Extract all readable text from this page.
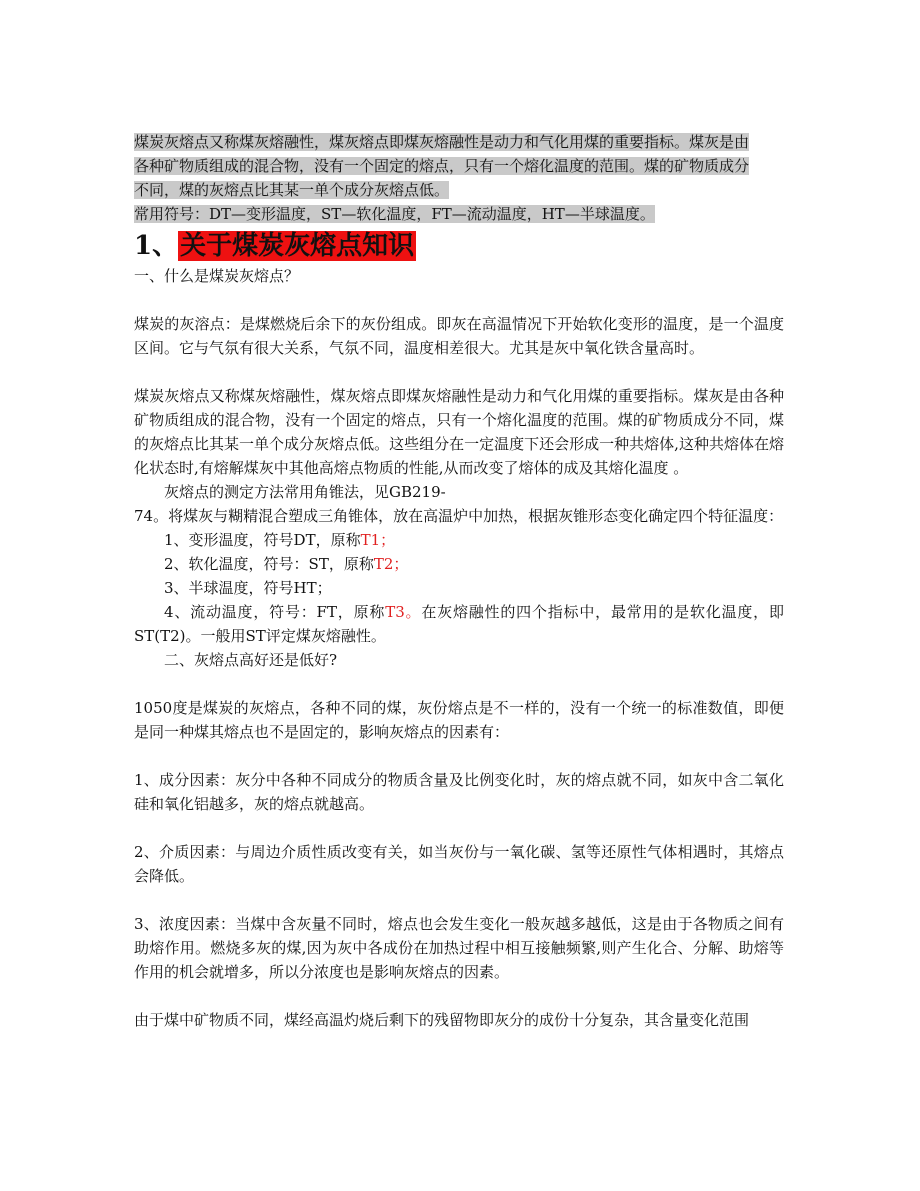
煤炭灰熔点又称煤灰熔融性，煤灰熔点即煤灰熔融性是动力和气化用煤的重要指标。煤灰是由

各种矿物质组成的混合物，没有一个固定的熔点，只有一个熔化温度的范围。煤的矿物质成分

不同，煤的灰熔点比其某一单个成分灰熔点低。

常用符号：DT—变形温度，ST—软化温度，FT—流动温度，HT—半球温度。

1、关于煤炭灰熔点知识

一、什么是煤炭灰熔点？

煤炭的灰溶点：是煤燃烧后余下的灰份组成。即灰在高温情况下开始软化变形的温度，是一个温度区间。它与气氛有很大关系，气氛不同，温度相差很大。尤其是灰中氧化铁含量高时。

煤炭灰熔点又称煤灰熔融性，煤灰熔点即煤灰熔融性是动力和气化用煤的重要指标。煤灰是由各种矿物质组成的混合物，没有一个固定的熔点，只有一个熔化温度的范围。煤的矿物质成分不同，煤的灰熔点比其某一单个成分灰熔点低。这些组分在一定温度下还会形成一种共熔体,这种共熔体在熔化状态时,有熔解煤灰中其他高熔点物质的性能,从而改变了熔体的成及其熔化温度 。

灰熔点的测定方法常用角锥法，见GB219-

74。将煤灰与糊精混合塑成三角锥体，放在高温炉中加热，根据灰锥形态变化确定四个特征温度：

1、变形温度，符号DT，原称T1；

2、软化温度，符号：ST，原称T2；

3、半球温度，符号HT；

4、流动温度，符号：FT，原称T3。在灰熔融性的四个指标中，最常用的是软化温度，即ST(T2)。一般用ST评定煤灰熔融性。

二、灰熔点高好还是低好?

1050度是煤炭的灰熔点，各种不同的煤，灰份熔点是不一样的，没有一个统一的标准数值，即便是同一种煤其熔点也不是固定的，影响灰熔点的因素有：

1、成分因素：灰分中各种不同成分的物质含量及比例变化时，灰的熔点就不同，如灰中含二氧化硅和氧化铝越多，灰的熔点就越高。

2、介质因素：与周边介质性质改变有关，如当灰份与一氧化碳、氢等还原性气体相遇时，其熔点会降低。

3、浓度因素：当煤中含灰量不同时，熔点也会发生变化一般灰越多越低，这是由于各物质之间有助熔作用。燃烧多灰的煤,因为灰中各成份在加热过程中相互接触频繁,则产生化合、分解、助熔等作用的机会就增多，所以分浓度也是影响灰熔点的因素。

由于煤中矿物质不同，煤经高温灼烧后剩下的残留物即灰分的成份十分复杂，其含量变化范围
